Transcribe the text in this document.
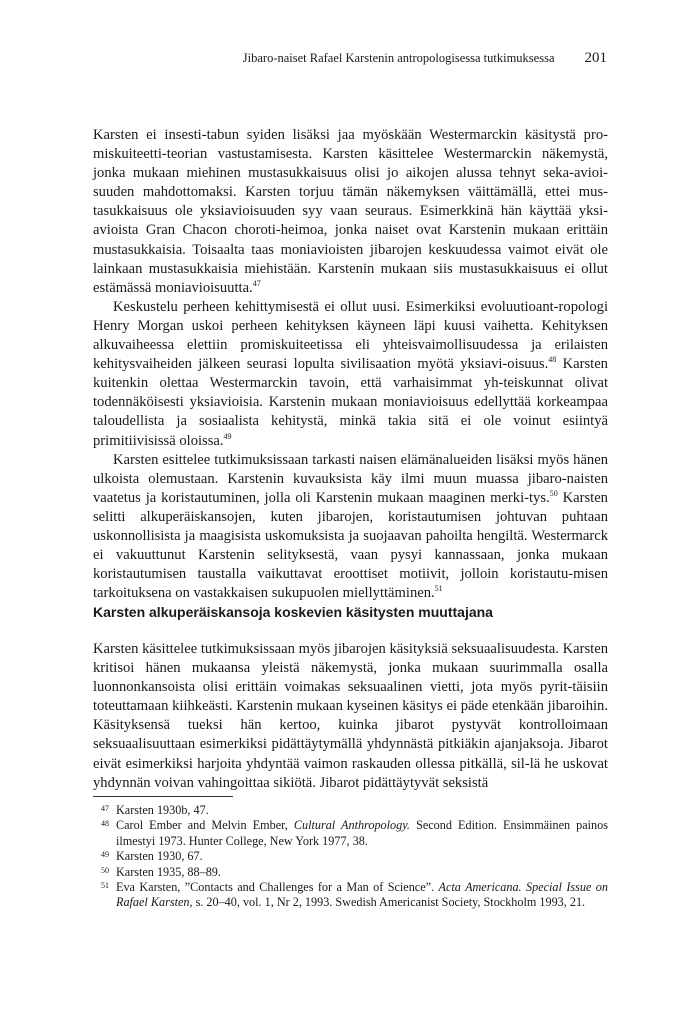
Jibaro-naiset Rafael Karstenin antropologisessa tutkimuksessa 201

Karsten ei insesti-tabun syiden lisäksi jaa myöskään Westermarckin käsitystä pro-miskuiteetti-teorian vastustamisesta. Karsten käsittelee Westermarckin näkemystä, jonka mukaan miehinen mustasukkaisuus olisi jo aikojen alussa tehnyt seka-avioi-suuden mahdottomaksi. Karsten torjuu tämän näkemyksen väittämällä, ettei mus-tasukkaisuus ole yksiavioisuuden syy vaan seuraus. Esimerkkinä hän käyttää yksi-avioista Gran Chacon choroti-heimoa, jonka naiset ovat Karstenin mukaan erittäin mustasukkaisia. Toisaalta taas moniavioisten jibarojen keskuudessa vaimot eivät ole lainkaan mustasukkaisia miehistään. Karstenin mukaan siis mustasukkaisuus ei ollut estämässä moniavioisuutta.$^{47}$

Keskustelu perheen kehittymisestä ei ollut uusi. Esimerkiksi evoluutioant-ropologi Henry Morgan uskoi perheen kehityksen käyneen läpi kuusi vaihetta. Kehityksen alkuvaiheessa elettiin promiskuiteetissa eli yhteisvaimollisuudessa ja erilaisten kehitysvaiheiden jälkeen seurasi lopulta sivilisaation myötä yksiavi-oisuus.$^{48}$ Karsten kuitenkin olettaa Westermarckin tavoin, että varhaisimmat yh-teiskunnat olivat todennäköisesti yksiavioisia. Karstenin mukaan moniavioisuus edellyttää korkeampaa taloudellista ja sosiaalista kehitystä, minkä takia sitä ei ole voinut esiintyä primitiivisissä oloissa.$^{49}$

Karsten esittelee tutkimuksissaan tarkasti naisen elämänalueiden lisäksi myös hänen ulkoista olemustaan. Karstenin kuvauksista käy ilmi muun muassa jibaro-naisten vaatetus ja koristautuminen, jolla oli Karstenin mukaan maaginen merki-tys.$^{50}$ Karsten selitti alkuperäiskansojen, kuten jibarojen, koristautumisen johtuvan puhtaan uskonnollisista ja maagisista uskomuksista ja suojaavan pahoilta hengiltä. Westermarck ei vakuuttunut Karstenin selityksestä, vaan pysyi kannassaan, jonka mukaan koristautumisen taustalla vaikuttavat eroottiset motiivit, jolloin koristautu-misen tarkoituksena on vastakkaisen sukupuolen miellyttäminen.$^{51}$

Karsten alkuperäiskansoja koskevien käsitysten muuttajana

Karsten käsittelee tutkimuksissaan myös jibarojen käsityksiä seksuaalisuudesta. Karsten kritisoi hänen mukaansa yleistä näkemystä, jonka mukaan suurimmalla osalla luonnonkansoista olisi erittäin voimakas seksuaalinen vietti, jota myös pyrit-täisiin toteuttamaan kiihkeästi. Karstenin mukaan kyseinen käsitys ei päde etenkään jibaroihin. Käsityksensä tueksi hän kertoo, kuinka jibarot pystyvät kontrolloimaan seksuaalisuuttaan esimerkiksi pidättäytymällä yhdynnästä pitkiäkin ajanjaksoja. Jibarot eivät esimerkiksi harjoita yhdyntää vaimon raskauden ollessa pitkällä, sil-lä he uskovat yhdynnän voivan vahingoittaa sikiötä. Jibarot pidättäytyvät seksistä

47 Karsten 1930b, 47.
48 Carol Ember and Melvin Ember, Cultural Anthropology. Second Edition. Ensimmäinen painos ilmestyi 1973. Hunter College, New York 1977, 38.
49 Karsten 1930, 67.
50 Karsten 1935, 88–89.
51 Eva Karsten, ”Contacts and Challenges for a Man of Science”. Acta Americana. Special Issue on Rafael Karsten, s. 20–40, vol. 1, Nr 2, 1993. Swedish Americanist Society, Stockholm 1993, 21.
